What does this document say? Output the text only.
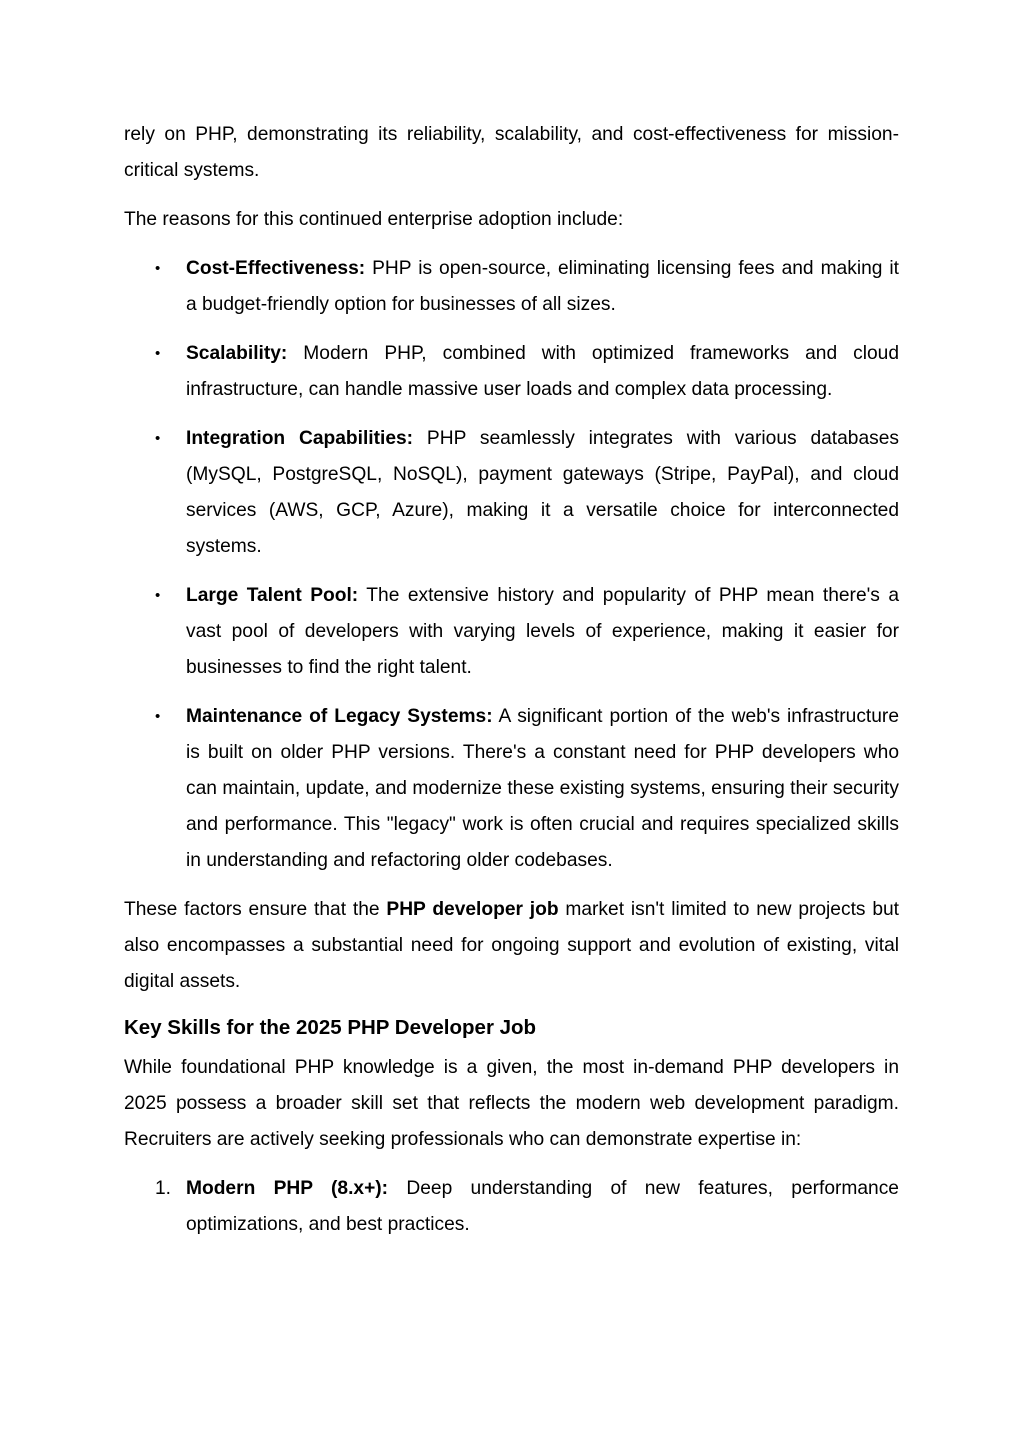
rely on PHP, demonstrating its reliability, scalability, and cost-effectiveness for mission-critical systems.

The reasons for this continued enterprise adoption include:

•	Cost-Effectiveness: PHP is open-source, eliminating licensing fees and making it a budget-friendly option for businesses of all sizes.
•	Scalability: Modern PHP, combined with optimized frameworks and cloud infrastructure, can handle massive user loads and complex data processing.
•	Integration Capabilities: PHP seamlessly integrates with various databases (MySQL, PostgreSQL, NoSQL), payment gateways (Stripe, PayPal), and cloud services (AWS, GCP, Azure), making it a versatile choice for interconnected systems.
•	Large Talent Pool: The extensive history and popularity of PHP mean there's a vast pool of developers with varying levels of experience, making it easier for businesses to find the right talent.
•	Maintenance of Legacy Systems: A significant portion of the web's infrastructure is built on older PHP versions. There's a constant need for PHP developers who can maintain, update, and modernize these existing systems, ensuring their security and performance. This "legacy" work is often crucial and requires specialized skills in understanding and refactoring older codebases.

These factors ensure that the PHP developer job market isn't limited to new projects but also encompasses a substantial need for ongoing support and evolution of existing, vital digital assets.

Key Skills for the 2025 PHP Developer Job

While foundational PHP knowledge is a given, the most in-demand PHP developers in 2025 possess a broader skill set that reflects the modern web development paradigm. Recruiters are actively seeking professionals who can demonstrate expertise in:

1. Modern PHP (8.x+): Deep understanding of new features, performance optimizations, and best practices.
